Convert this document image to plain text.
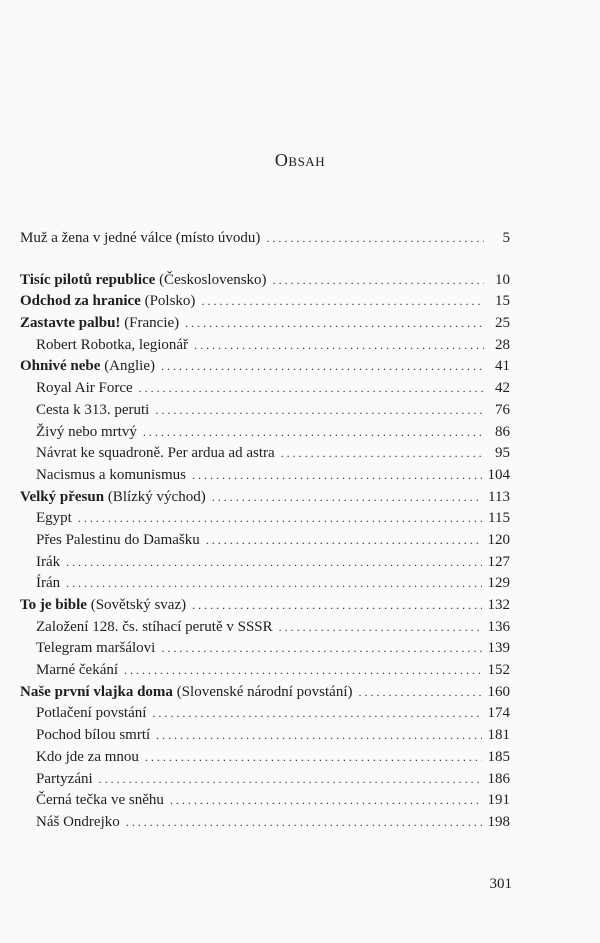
Obsah
Muž a žena v jedné válce (místo úvodu) . . .	5
Tisíc pilotů republice (Československo) . . .	10
Odchod za hranice (Polsko) . . .	15
Zastavte palbu! (Francie) . . .	25
Robert Robotka, legionář . . .	28
Ohnivé nebe (Anglie) . . .	41
Royal Air Force . . .	42
Cesta k 313. peruti . . .	76
Živý nebo mrtvý . . .	86
Návrat ke squadroně. Per ardua ad astra . . .	95
Nacismus a komunismus . . .	104
Velký přesun (Blízký východ) . . .	113
Egypt . . .	115
Přes Palestinu do Damašku . . .	120
Irák . . .	127
Írán . . .	129
To je bible (Sovětský svaz) . . .	132
Založení 128. čs. stíhací perutě v SSSR . . .	136
Telegram maršálovi . . .	139
Marné čekání . . .	152
Naše první vlajka doma (Slovenské národní povstání) . . .	160
Potlačení povstání . . .	174
Pochod bílou smrtí . . .	181
Kdo jde za mnou . . .	185
Partyzáni . . .	186
Černá tečka ve sněhu . . .	191
Náš Ondrejko . . .	198
301
